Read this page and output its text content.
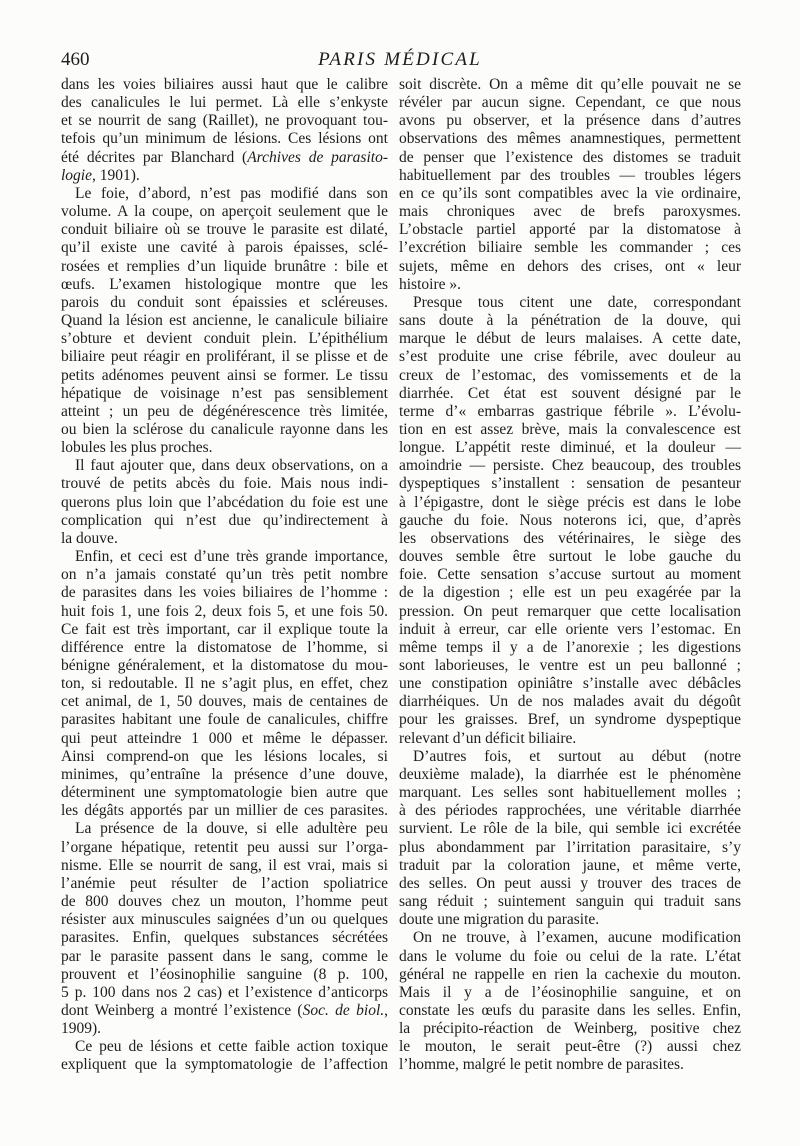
460	PARIS MÉDICAL
dans les voies biliaires aussi haut que le calibre
des canalicules le lui permet. Là elle s’enkyste
et se nourrit de sang (Raillet), ne provoquant tou-
tefois qu’un minimum de lésions. Ces lésions ont
été décrites par Blanchard (Archives de parasito-
logie, 1901).
Le foie, d’abord, n’est pas modifié dans son
volume. A la coupe, on aperçoit seulement que le
conduit biliaire où se trouve le parasite est dilaté,
qu’il existe une cavité à parois épaisses, sclé-
rosées et remplies d’un liquide brunâtre : bile et
œufs. L’examen histologique montre que les
parois du conduit sont épaissies et scléreuses.
Quand la lésion est ancienne, le canalicule biliaire
s’obture et devient conduit plein. L’épithélium
biliaire peut réagir en proliférant, il se plisse et de
petits adénomes peuvent ainsi se former. Le tissu
hépatique de voisinage n’est pas sensiblement
atteint ; un peu de dégénérescence très limitée,
ou bien la sclérose du canalicule rayonne dans les
lobules les plus proches.
Il faut ajouter que, dans deux observations, on a
trouvé de petits abcès du foie. Mais nous indi-
querons plus loin que l’abcédation du foie est une
complication qui n’est due qu’indirectement à
la douve.
Enfin, et ceci est d’une très grande importance,
on n’a jamais constaté qu’un très petit nombre
de parasites dans les voies biliaires de l’homme :
huit fois 1, une fois 2, deux fois 5, et une fois 50.
Ce fait est très important, car il explique toute la
différence entre la distomatose de l’homme, si
bénigne généralement, et la distomatose du mou-
ton, si redoutable. Il ne s’agit plus, en effet, chez
cet animal, de 1, 50 douves, mais de centaines de
parasites habitant une foule de canalicules, chiffre
qui peut atteindre 1 000 et même le dépasser.
Ainsi comprend-on que les lésions locales, si
minimes, qu’entraîne la présence d’une douve,
déterminent une symptomatologie bien autre que
les dégâts apportés par un millier de ces parasites.
La présence de la douve, si elle adultère peu
l’organe hépatique, retentit peu aussi sur l’orga-
nisme. Elle se nourrit de sang, il est vrai, mais si
l’anémie peut résulter de l’action spoliatrice
de 800 douves chez un mouton, l’homme peut
résister aux minuscules saignées d’un ou quelques
parasites. Enfin, quelques substances sécrétées
par le parasite passent dans le sang, comme le
prouvent et l’éosinophilie sanguine (8 p. 100,
5 p. 100 dans nos 2 cas) et l’existence d’anticorps
dont Weinberg a montré l’existence (Soc. de biol.,
1909).
Ce peu de lésions et cette faible action toxique
expliquent que la symptomatologie de l’affection
soit discrète. On a même dit qu’elle pouvait ne se
révéler par aucun signe. Cependant, ce que nous
avons pu observer, et la présence dans d’autres
observations des mêmes anamnestiques, permettent
de penser que l’existence des distomes se traduit
habituellement par des troubles — troubles légers
en ce qu’ils sont compatibles avec la vie ordinaire,
mais chroniques avec de brefs paroxysmes.
L’obstacle partiel apporté par la distomatose à
l’excrétion biliaire semble les commander ; ces
sujets, même en dehors des crises, ont « leur
histoire ».
Presque tous citent une date, correspondant
sans doute à la pénétration de la douve, qui
marque le début de leurs malaises. A cette date,
s’est produite une crise fébrile, avec douleur au
creux de l’estomac, des vomissements et de la
diarrhée. Cet état est souvent désigné par le
terme d’« embarras gastrique fébrile ». L’évolu-
tion en est assez brève, mais la convalescence est
longue. L’appétit reste diminué, et la douleur —
amoindrie — persiste. Chez beaucoup, des troubles
dyspeptiques s’installent : sensation de pesanteur
à l’épigastre, dont le siège précis est dans le lobe
gauche du foie. Nous noterons ici, que, d’après
les observations des vétérinaires, le siège des
douves semble être surtout le lobe gauche du
foie. Cette sensation s’accuse surtout au moment
de la digestion ; elle est un peu exagérée par la
pression. On peut remarquer que cette localisation
induit à erreur, car elle oriente vers l’estomac. En
même temps il y a de l’anorexie ; les digestions
sont laborieuses, le ventre est un peu ballonné ;
une constipation opiniâtre s’installe avec débâcles
diarrhéiques. Un de nos malades avait du dégoût
pour les graisses. Bref, un syndrome dyspeptique
relevant d’un déficit biliaire.
D’autres fois, et surtout au début (notre
deuxième malade), la diarrhée est le phénomène
marquant. Les selles sont habituellement molles ;
à des périodes rapprochées, une véritable diarrhée
survient. Le rôle de la bile, qui semble ici excrétée
plus abondamment par l’irritation parasitaire, s’y
traduit par la coloration jaune, et même verte,
des selles. On peut aussi y trouver des traces de
sang réduit ; suintement sanguin qui traduit sans
doute une migration du parasite.
On ne trouve, à l’examen, aucune modification
dans le volume du foie ou celui de la rate. L’état
général ne rappelle en rien la cachexie du mouton.
Mais il y a de l’éosinophilie sanguine, et on
constate les œufs du parasite dans les selles. Enfin,
la précipito-réaction de Weinberg, positive chez
le mouton, le serait peut-être (?) aussi chez
l’homme, malgré le petit nombre de parasites.
